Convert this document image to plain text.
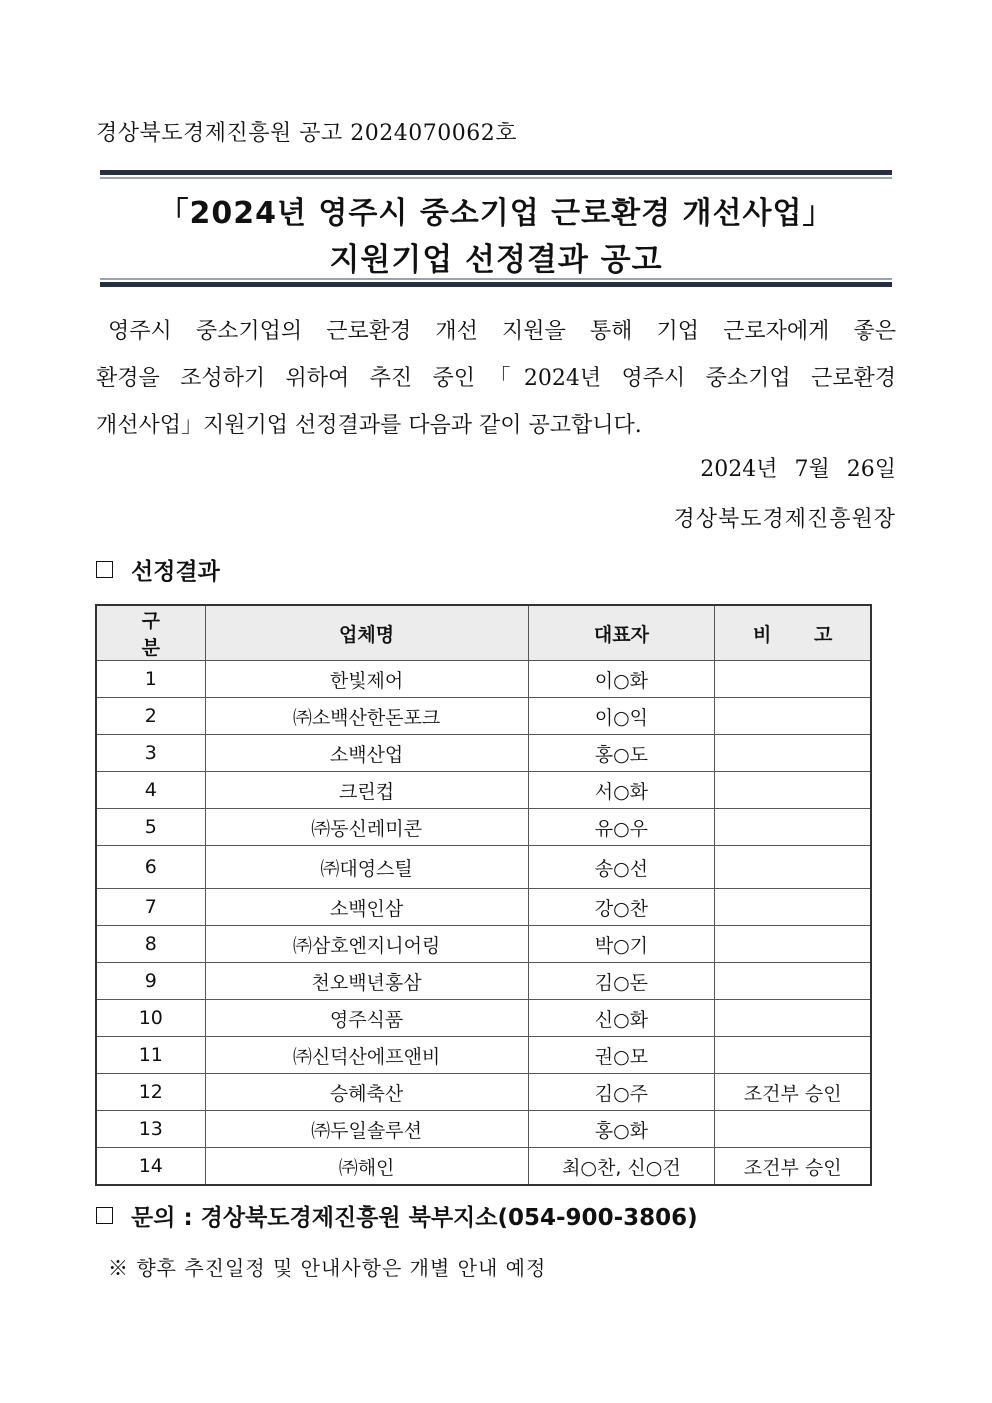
경상북도경제진흥원 공고 2024070062호
「2024년 영주시 중소기업 근로환경 개선사업」
지원기업 선정결과 공고
영주시 중소기업의 근로환경 개선 지원을 통해 기업 근로자에게 좋은
환경을 조성하기 위하여 추진 중인「2024년 영주시 중소기업 근로환경
개선사업」지원기업 선정결과를 다음과 같이 공고합니다.
2024년 7월 26일
경상북도경제진흥원장
선정결과
구 분	업체명	대표자	비 고
1	한빛제어	이○화	
2	㈜소백산한돈포크	이○익	
3	소백산업	홍○도	
4	크린컵	서○화	
5	㈜동신레미콘	유○우	
6	㈜대영스틸	송○선	
7	소백인삼	강○찬	
8	㈜삼호엔지니어링	박○기	
9	천오백년홍삼	김○돈	
10	영주식품	신○화	
11	㈜신덕산에프앤비	권○모	
12	승혜축산	김○주	조건부 승인
13	㈜두일솔루션	홍○화	
14	㈜해인	최○찬, 신○건	조건부 승인
문의 : 경상북도경제진흥원 북부지소(054-900-3806)
※ 향후 추진일정 및 안내사항은 개별 안내 예정
